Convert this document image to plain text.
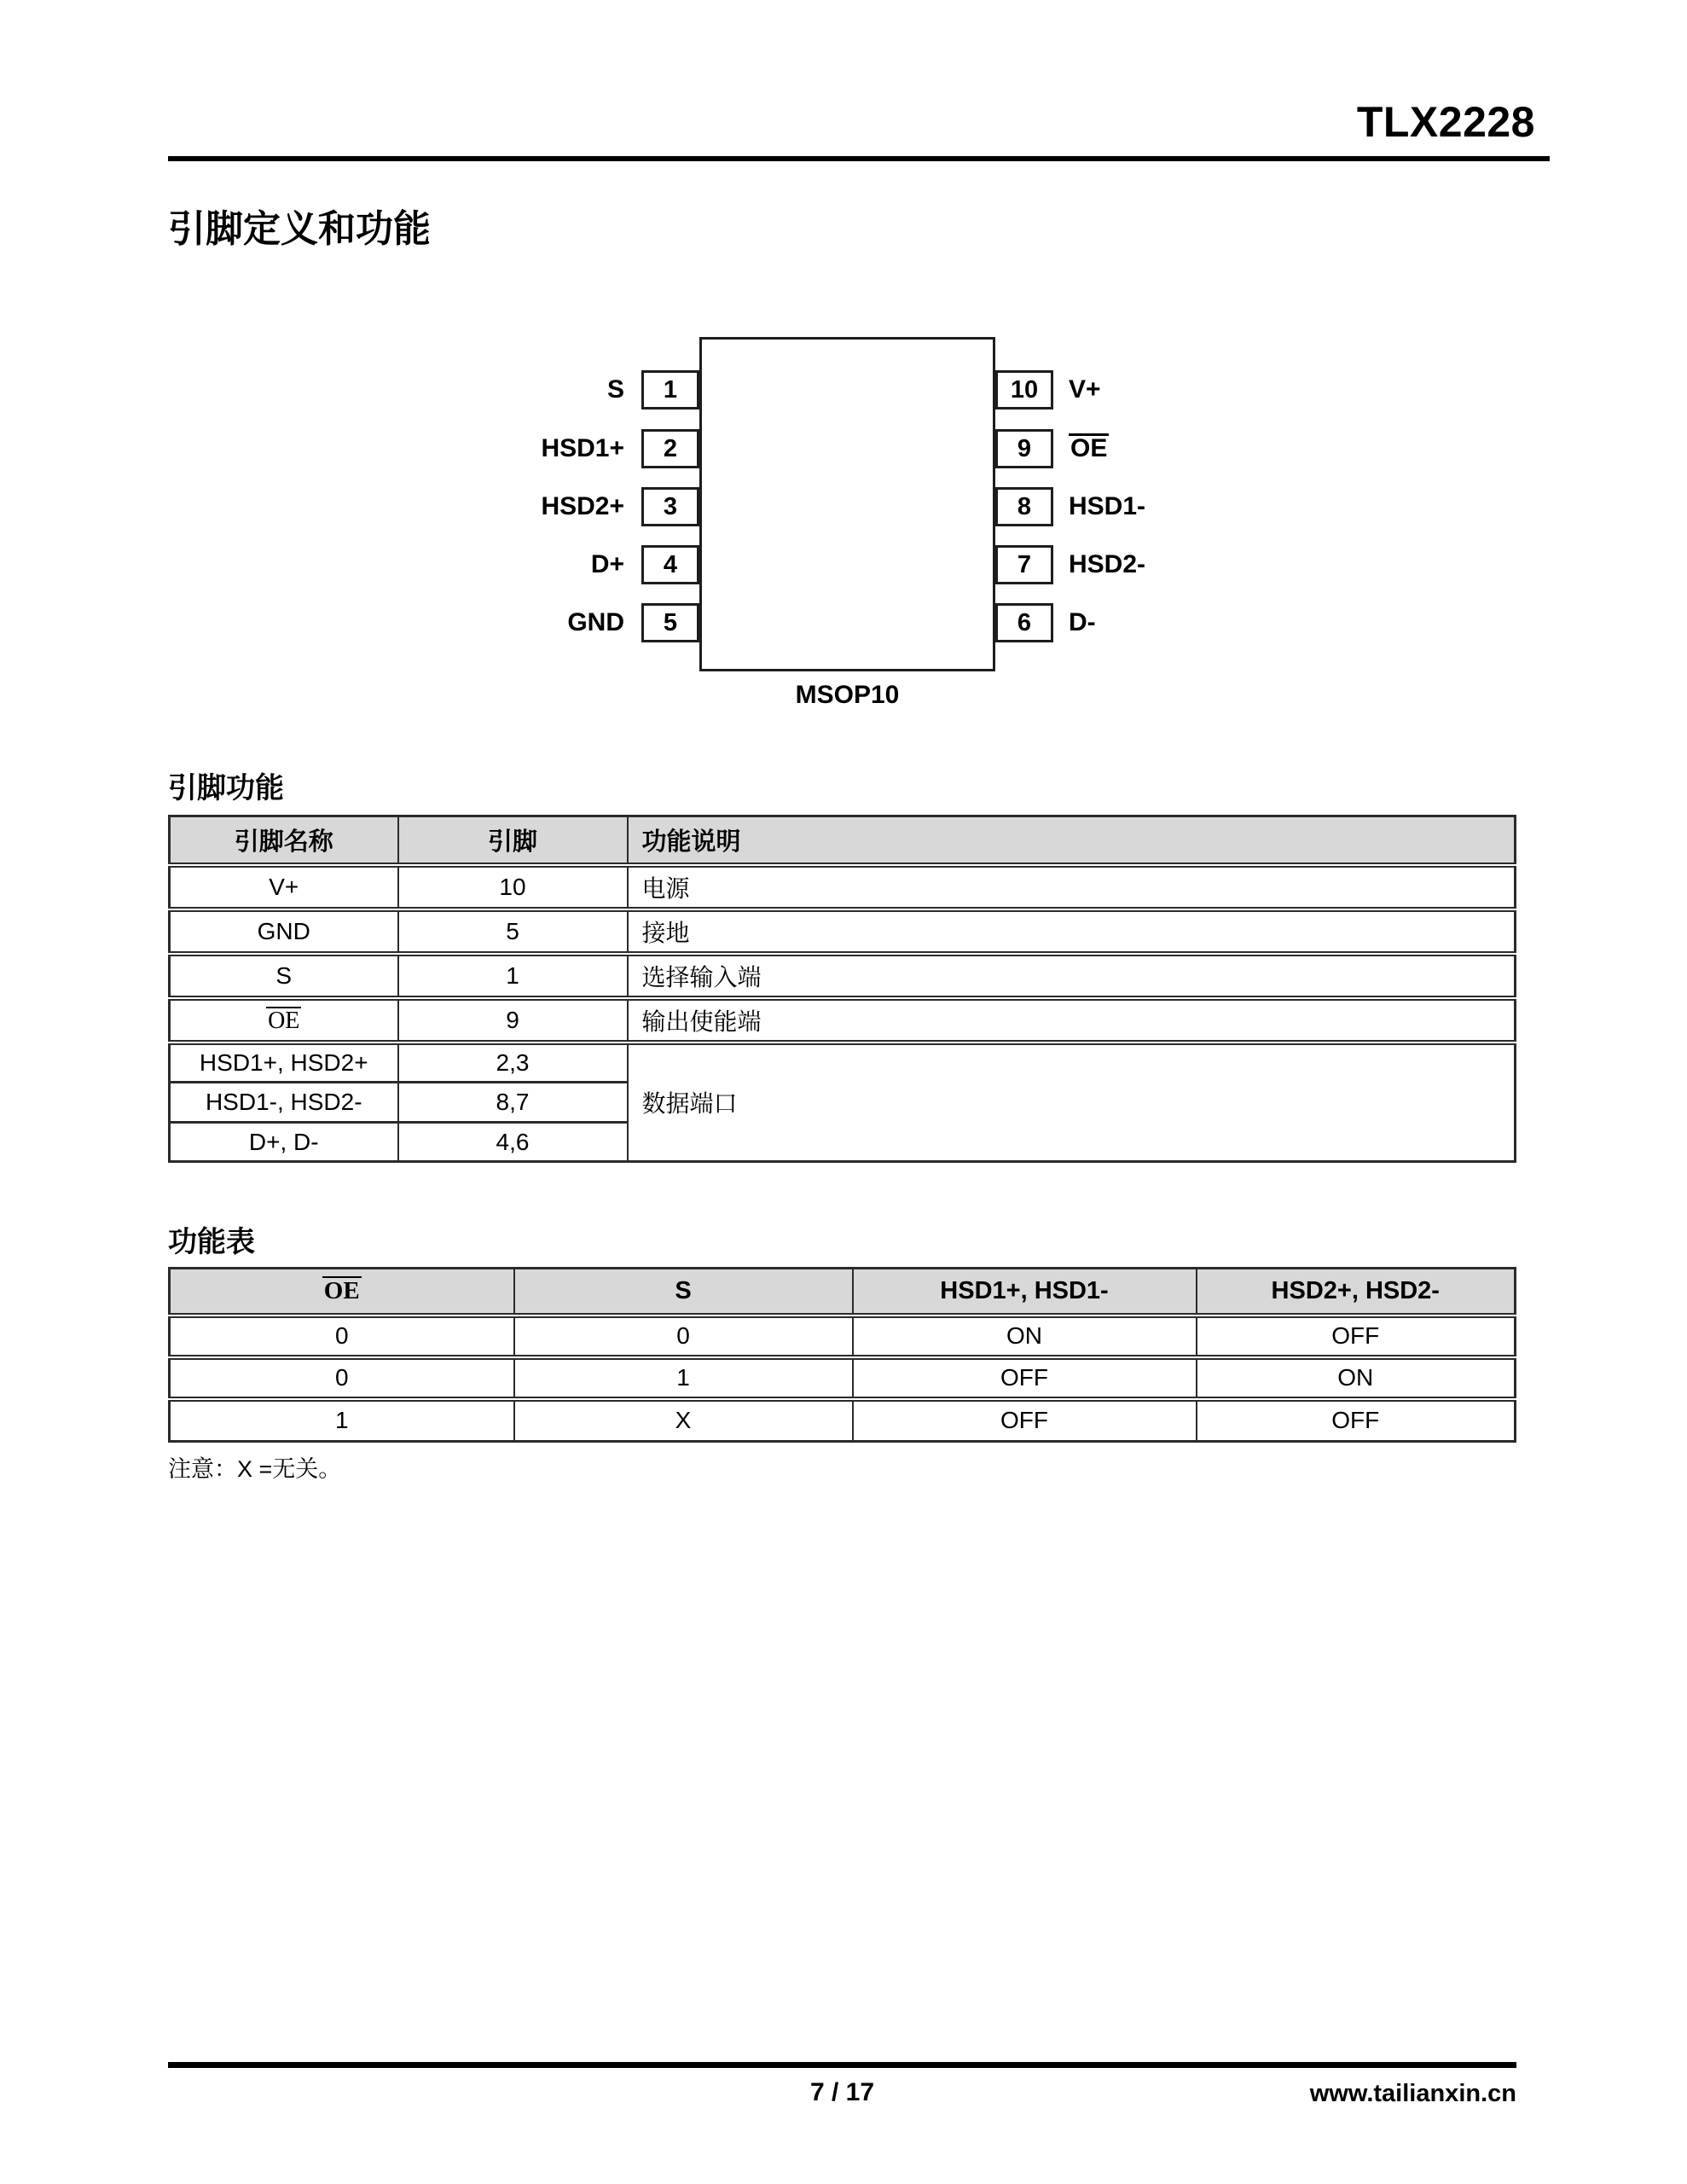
TLX2228
引脚定义和功能
S
HSD1+
HSD2+
D+
GND
1
2
3
4
5
10
9
8
7
6
V+
OE
HSD1-
HSD2-
D-
MSOP10
引脚功能
引脚名称	引脚	功能说明
V+	10	电源
GND	5	接地
S	1	选择输入端
OE	9	输出使能端
HSD1+, HSD2+	2,3	数据端口
HSD1-, HSD2-	8,7	
D+, D-	4,6	
功能表
OE	S	HSD1+, HSD1-	HSD2+, HSD2-
0	0	ON	OFF
0	1	OFF	ON
1	X	OFF	OFF
注意：X =无关。
7 / 17	www.tailianxin.cn
